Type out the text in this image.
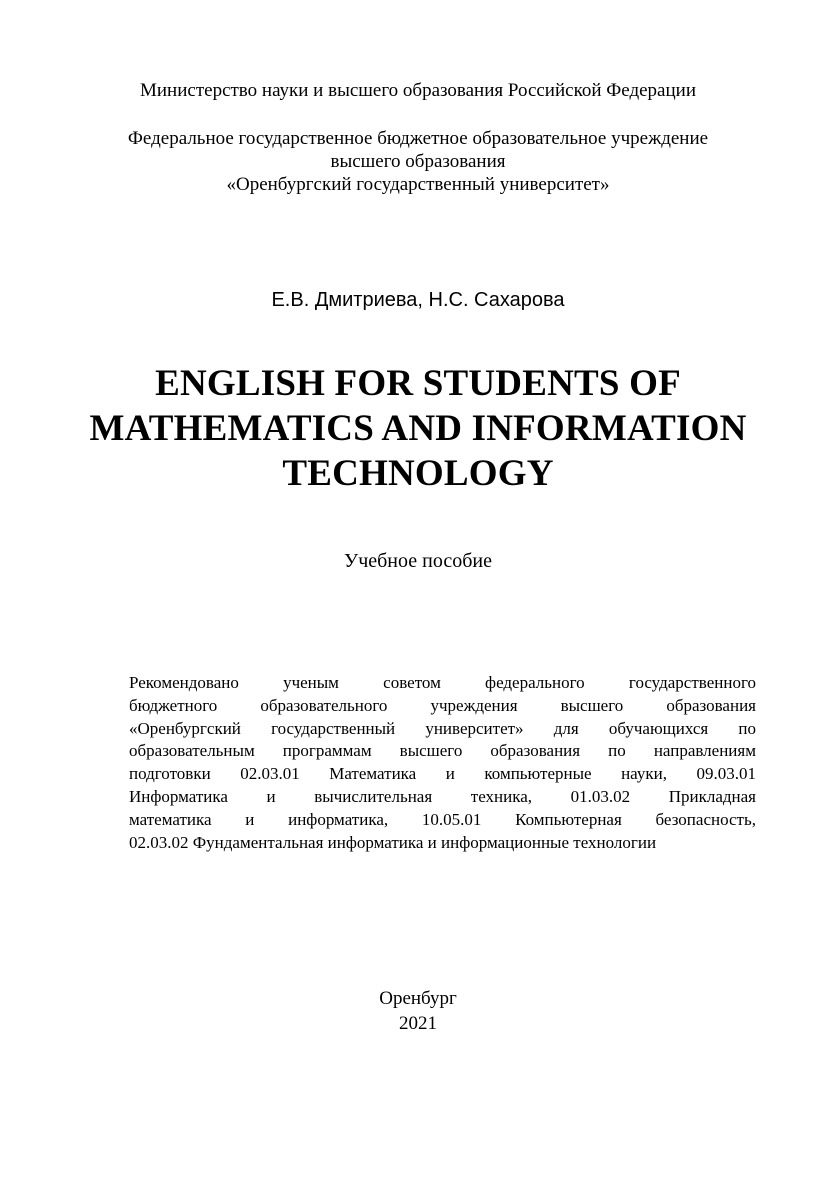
Министерство науки и высшего образования Российской Федерации
Федеральное государственное бюджетное образовательное учреждение
высшего образования
«Оренбургский государственный университет»
Е.В. Дмитриева, Н.С. Сахарова
ENGLISH FOR STUDENTS OF
MATHEMATICS AND INFORMATION
TECHNOLOGY
Учебное пособие
Рекомендовано ученым советом федерального государственного
бюджетного образовательного учреждения высшего образования
«Оренбургский государственный университет» для обучающихся по
образовательным программам высшего образования по направлениям
подготовки 02.03.01 Математика и компьютерные науки, 09.03.01
Информатика и вычислительная техника, 01.03.02 Прикладная
математика и информатика, 10.05.01 Компьютерная безопасность,
02.03.02 Фундаментальная информатика и информационные технологии
Оренбург
2021
